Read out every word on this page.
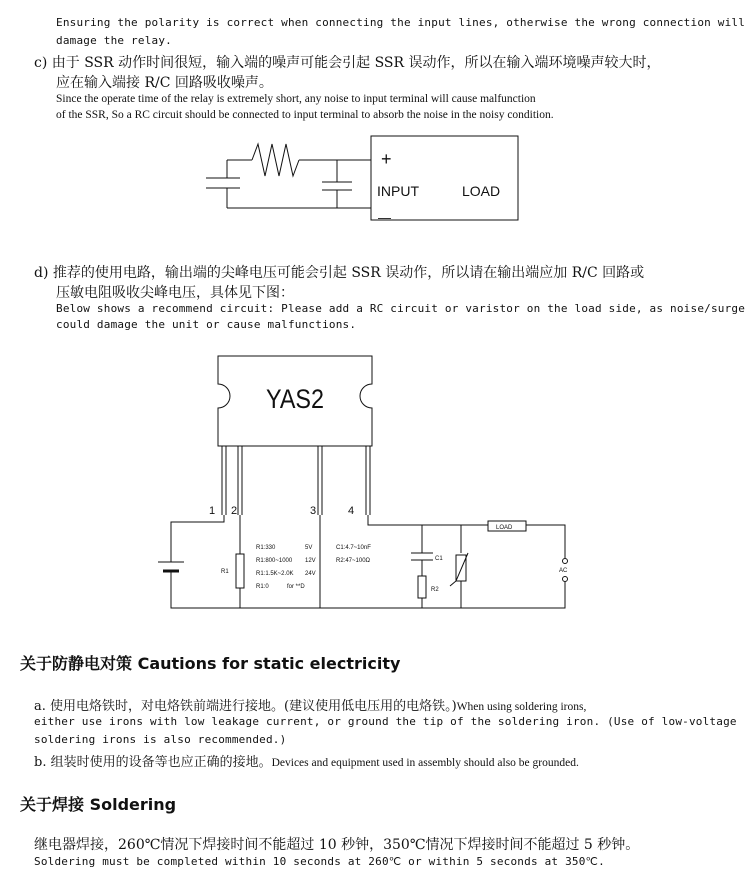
Ensuring the polarity is correct when connecting the input lines, otherwise the wrong connection will
damage the relay.
c) 由于 SSR 动作时间很短，输入端的噪声可能会引起 SSR 误动作，所以在输入端环境噪声较大时，
应在输入端接 R/C 回路吸收噪声。
Since the operate time of the relay is extremely short, any noise to input terminal will cause malfunction
of the SSR, So a RC circuit should be connected to input terminal to absorb the noise in the noisy condition.
+
INPUT	LOAD
—
d) 推荐的使用电路，输出端的尖峰电压可能会引起 SSR 误动作，所以请在输出端应加 R/C 回路或
压敏电阻吸收尖峰电压，具体见下图：
Below shows a recommend circuit: Please add a RC circuit or varistor on the load side, as noise/surge
could damage the unit or cause malfunctions.
YAS2
1 2	3	4
R1
R1:330	5V
R1:800~1000 12V
R1:1.5K~2.0K 24V
R1:0	for **D
C1:4.7~10nF
R2:47~100Ω	C1
R2
LOAD
AC
关于防静电对策 Cautions for static electricity
a. 使用电烙铁时，对电烙铁前端进行接地。(建议使用低电压用的电烙铁。)When using soldering irons,
either use irons with low leakage current, or ground the tip of the soldering iron. (Use of low-voltage
soldering irons is also recommended.)
b. 组装时使用的设备等也应正确的接地。Devices and equipment used in assembly should also be grounded.
关于焊接 Soldering
继电器焊接，260℃情况下焊接时间不能超过 10 秒钟，350℃情况下焊接时间不能超过 5 秒钟。
Soldering must be completed within 10 seconds at 260℃ or within 5 seconds at 350℃.
